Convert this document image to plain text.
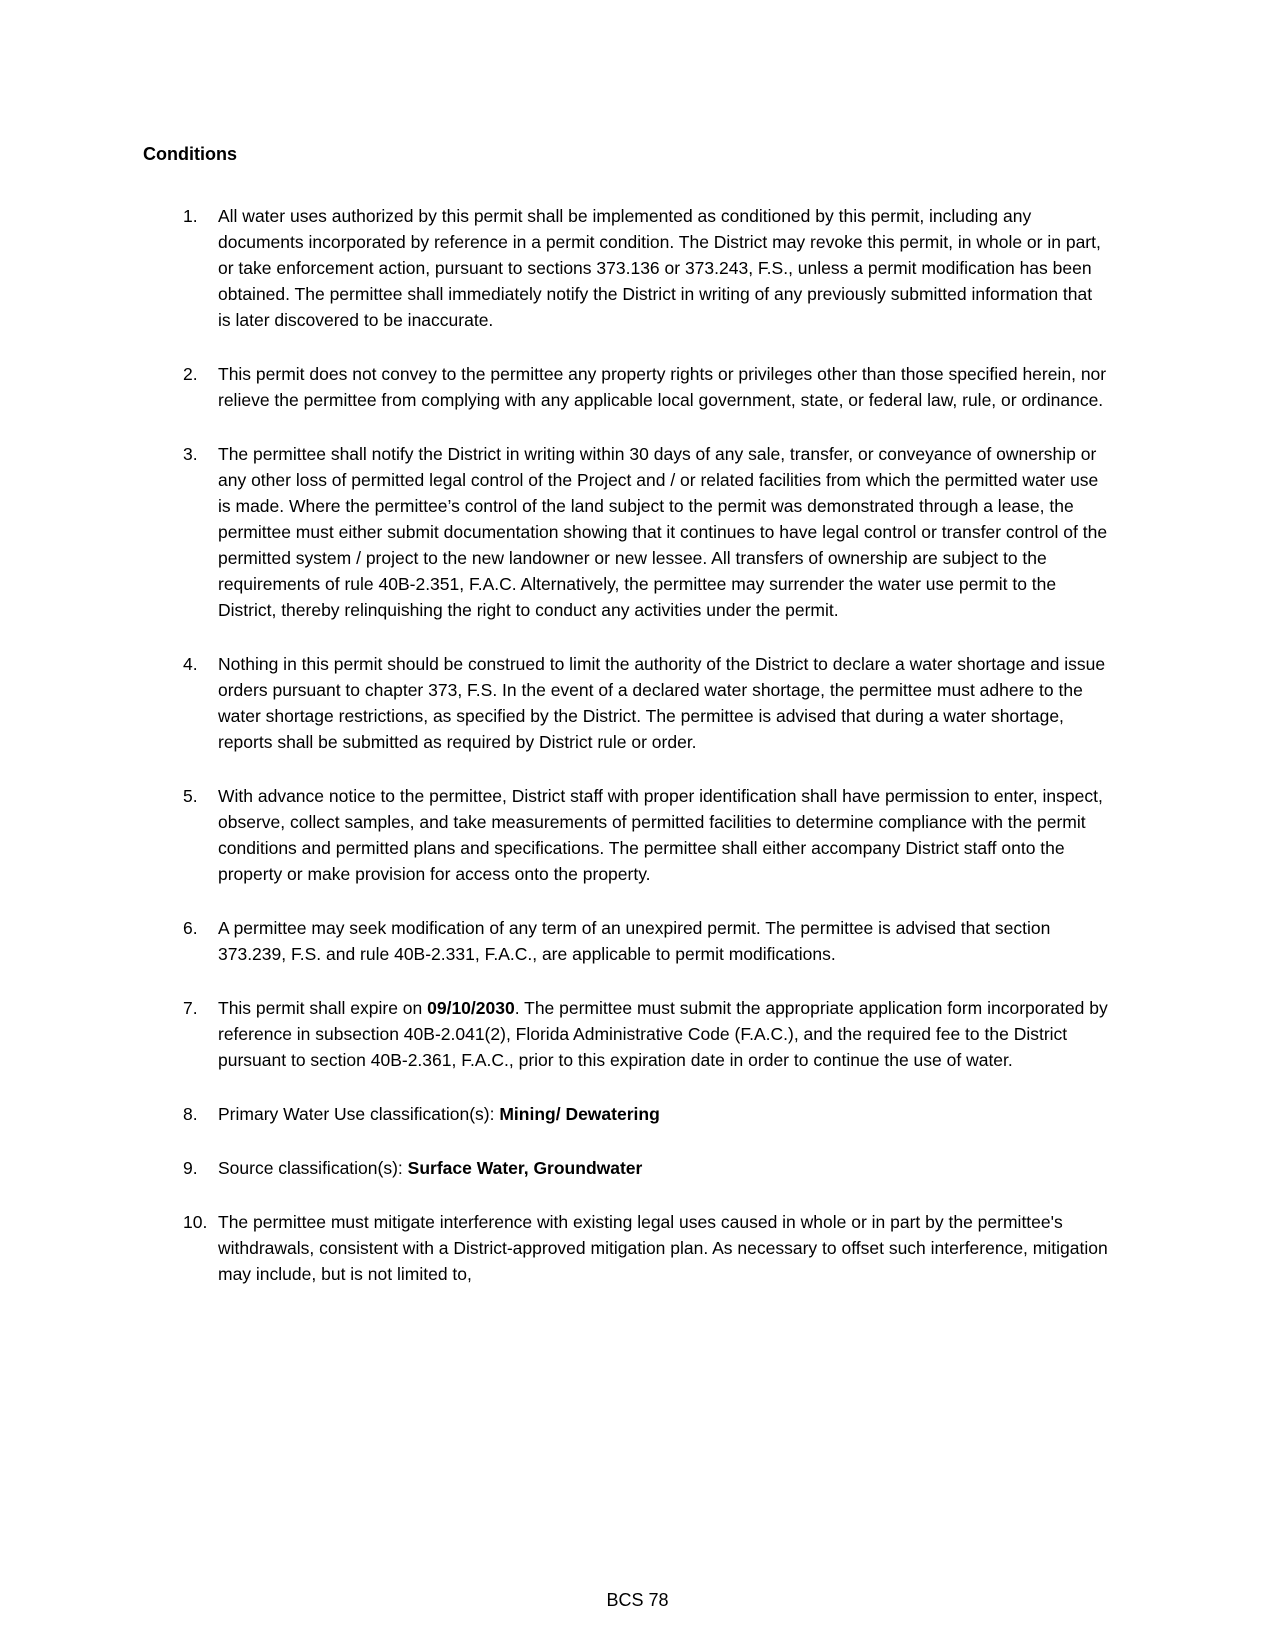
Conditions
1.	All water uses authorized by this permit shall be implemented as conditioned by this permit, including any documents incorporated by reference in a permit condition. The District may revoke this permit, in whole or in part, or take enforcement action, pursuant to sections 373.136 or 373.243, F.S., unless a permit modification has been obtained. The permittee shall immediately notify the District in writing of any previously submitted information that is later discovered to be inaccurate.
2.	This permit does not convey to the permittee any property rights or privileges other than those specified herein, nor relieve the permittee from complying with any applicable local government, state, or federal law, rule, or ordinance.
3.	The permittee shall notify the District in writing within 30 days of any sale, transfer, or conveyance of ownership or any other loss of permitted legal control of the Project and / or related facilities from which the permitted water use is made. Where the permittee’s control of the land subject to the permit was demonstrated through a lease, the permittee must either submit documentation showing that it continues to have legal control or transfer control of the permitted system / project to the new landowner or new lessee. All transfers of ownership are subject to the requirements of rule 40B-2.351, F.A.C. Alternatively, the permittee may surrender the water use permit to the District, thereby relinquishing the right to conduct any activities under the permit.
4.	Nothing in this permit should be construed to limit the authority of the District to declare a water shortage and issue orders pursuant to chapter 373, F.S. In the event of a declared water shortage, the permittee must adhere to the water shortage restrictions, as specified by the District. The permittee is advised that during a water shortage, reports shall be submitted as required by District rule or order.
5.	With advance notice to the permittee, District staff with proper identification shall have permission to enter, inspect, observe, collect samples, and take measurements of permitted facilities to determine compliance with the permit conditions and permitted plans and specifications. The permittee shall either accompany District staff onto the property or make provision for access onto the property.
6.	A permittee may seek modification of any term of an unexpired permit. The permittee is advised that section 373.239, F.S. and rule 40B-2.331, F.A.C., are applicable to permit modifications.
7.	This permit shall expire on 09/10/2030. The permittee must submit the appropriate application form incorporated by reference in subsection 40B-2.041(2), Florida Administrative Code (F.A.C.), and the required fee to the District pursuant to section 40B-2.361, F.A.C., prior to this expiration date in order to continue the use of water.
8.	Primary Water Use classification(s): Mining/ Dewatering
9.	Source classification(s): Surface Water, Groundwater
10. The permittee must mitigate interference with existing legal uses caused in whole or in part by the permittee's withdrawals, consistent with a District-approved mitigation plan. As necessary to offset such interference, mitigation may include, but is not limited to,
BCS 78
